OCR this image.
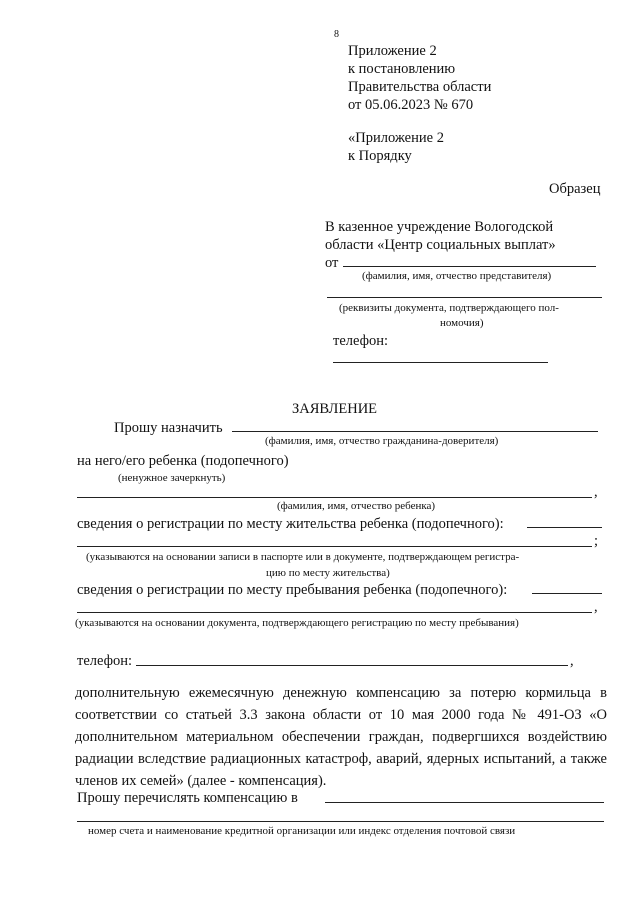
8
Приложение 2
к постановлению
Правительства области
от 05.06.2023 № 670
«Приложение 2
к Порядку
Образец
В казенное учреждение Вологодской
области «Центр социальных выплат»
от
(фамилия, имя, отчество представителя)
(реквизиты документа, подтверждающего пол-
номочия)
телефон:
ЗАЯВЛЕНИЕ
Прошу назначить
(фамилия, имя, отчество гражданина-доверителя)
на него/его ребенка (подопечного)
(ненужное зачеркнуть)
,
(фамилия, имя, отчество ребенка)
сведения о регистрации по месту жительства ребенка (подопечного):
;
(указываются на основании записи в паспорте или в документе, подтверждающем регистра-
цию по месту жительства)
сведения о регистрации по месту пребывания ребенка (подопечного):
,
(указываются на основании документа, подтверждающего регистрацию по месту пребывания)
телефон:	,
дополнительную ежемесячную денежную компенсацию за потерю кормильца в соответствии со статьей 3.3 закона области от 10 мая 2000 года № 491-ОЗ «О дополнительном материальном обеспечении граждан, подвергшихся воздействию радиации вследствие радиационных катастроф, аварий, ядерных испытаний, а также членов их семей» (далее - компенсация).
Прошу перечислять компенсацию в
номер счета и наименование кредитной организации или индекс отделения почтовой связи
